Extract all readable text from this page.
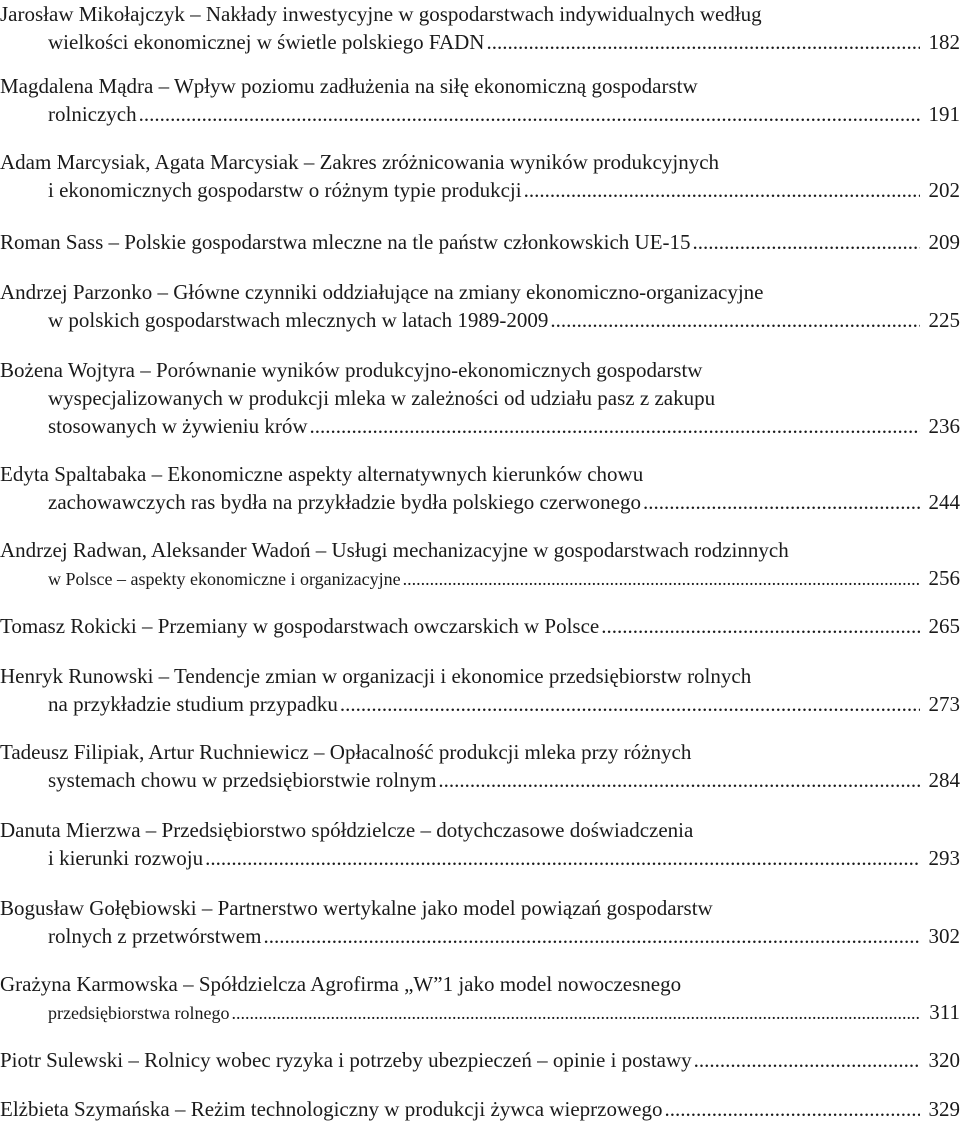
Jarosław Mikołajczyk – Nakłady inwestycyjne w gospodarstwach indywidualnych według
wielkości ekonomicznej w świetle polskiego FADN .....	182
Magdalena Mądra – Wpływ poziomu zadłużenia na siłę ekonomiczną gospodarstw
rolniczych .....	191
Adam Marcysiak, Agata Marcysiak – Zakres zróżnicowania wyników produkcyjnych
i ekonomicznych gospodarstw o różnym typie produkcji .....	202
Roman Sass – Polskie gospodarstwa mleczne na tle państw członkowskich UE-15 .....	209
Andrzej Parzonko – Główne czynniki oddziałujące na zmiany ekonomiczno-organizacyjne
w polskich gospodarstwach mlecznych w latach 1989-2009 .....	225
Bożena Wojtyra – Porównanie wyników produkcyjno-ekonomicznych gospodarstw
wyspecjalizowanych w produkcji mleka w zależności od udziału pasz z zakupu
stosowanych w żywieniu krów .....	236
Edyta Spaltabaka – Ekonomiczne aspekty alternatywnych kierunków chowu
zachowawczych ras bydła na przykładzie bydła polskiego czerwonego .....	244
Andrzej Radwan, Aleksander Wadoń – Usługi mechanizacyjne w gospodarstwach rodzinnych
w Polsce – aspekty ekonomiczne i organizacyjne .....	256
Tomasz Rokicki – Przemiany w gospodarstwach owczarskich w Polsce .....	265
Henryk Runowski – Tendencje zmian w organizacji i ekonomice przedsiębiorstw rolnych
na przykładzie studium przypadku .....	273
Tadeusz Filipiak, Artur Ruchniewicz – Opłacalność produkcji mleka przy różnych
systemach chowu w przedsiębiorstwie rolnym .....	284
Danuta Mierzwa – Przedsiębiorstwo spółdzielcze – dotychczasowe doświadczenia
i kierunki rozwoju .....	293
Bogusław Gołębiowski – Partnerstwo wertykalne jako model powiązań gospodarstw
rolnych z przetwórstwem .....	302
Grażyna Karmowska – Spółdzielcza Agrofirma „W”1 jako model nowoczesnego
przedsiębiorstwa rolnego .....	311
Piotr Sulewski – Rolnicy wobec ryzyka i potrzeby ubezpieczeń – opinie i postawy .....	320
Elżbieta Szymańska – Reżim technologiczny w produkcji żywca wieprzowego .....	329
